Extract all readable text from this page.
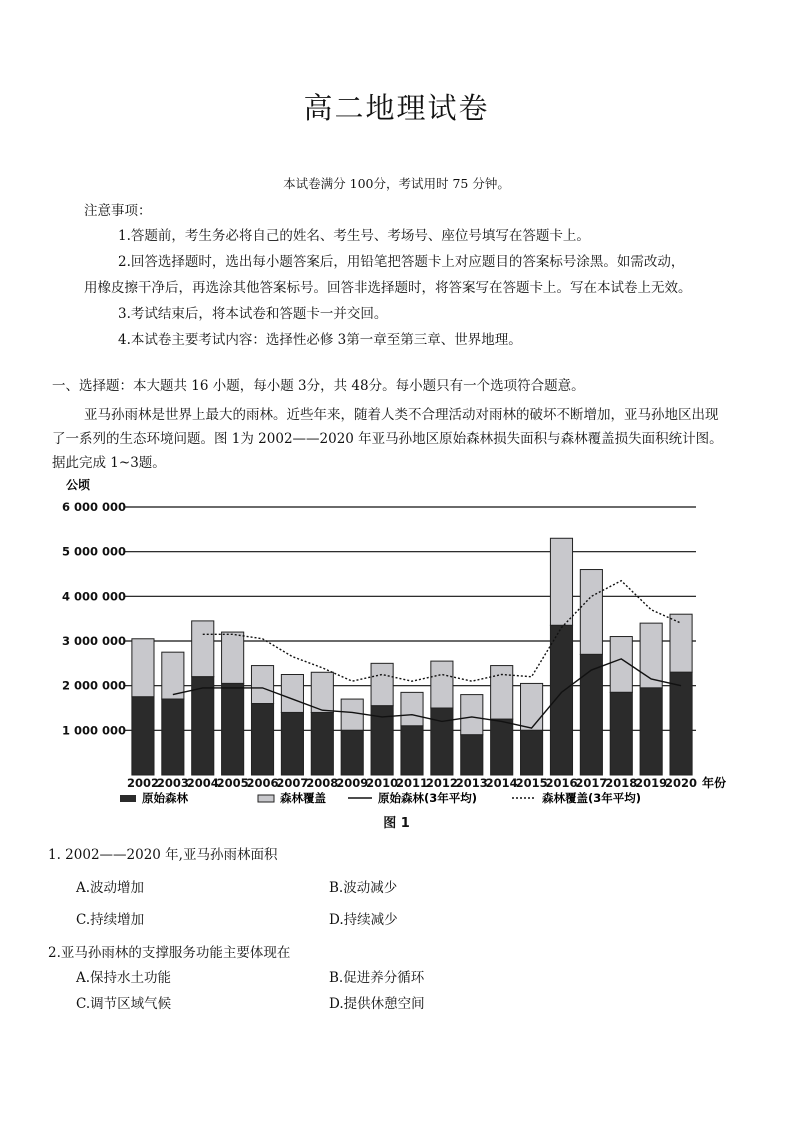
高二地理试卷
本试卷满分 100分，考试用时 75 分钟。
注意事项：

1.答题前，考生务必将自己的姓名、考生号、考场号、座位号填写在答题卡上。

2.回答选择题时，选出每小题答案后，用铅笔把答题卡上对应题目的答案标号涂黑。如需改动，

用橡皮擦干净后，再选涂其他答案标号。回答非选择题时，将答案写在答题卡上。写在本试卷上无效。

3.考试结束后，将本试卷和答题卡一并交回。

4.本试卷主要考试内容：选择性必修 3第一章至第三章、世界地理。

一、选择题：本大题共 16 小题，每小题 3分，共 48分。每小题只有一个选项符合题意。

亚马孙雨林是世界上最大的雨林。近些年来，随着人类不合理活动对雨林的破坏不断增加，亚马孙地区出现

了一系列的生态环境问题。图 1为 2002——2020 年亚马孙地区原始森林损失面积与森林覆盖损失面积统计图。

据此完成 1~3题。

公顷
1 000 000
2 000 000
3 000 000
4 000 000
5 000 000
6 000 000
2002
2003
2004
2005
2006
2007
2008
2009
2010
2011
2012
2013
2014
2015
2016
2017
2018
2019
2020 年份
原始森林	森林覆盖	原始森林(3年平均)	森林覆盖(3年平均)
图 1
1. 2002——2020 年,亚马孙雨林面积
A.波动增加	B.波动减少
C.持续增加	D.持续减少
2.亚马孙雨林的支撑服务功能主要体现在
A.保持水土功能	B.促进养分循环
C.调节区域气候	D.提供休憩空间
